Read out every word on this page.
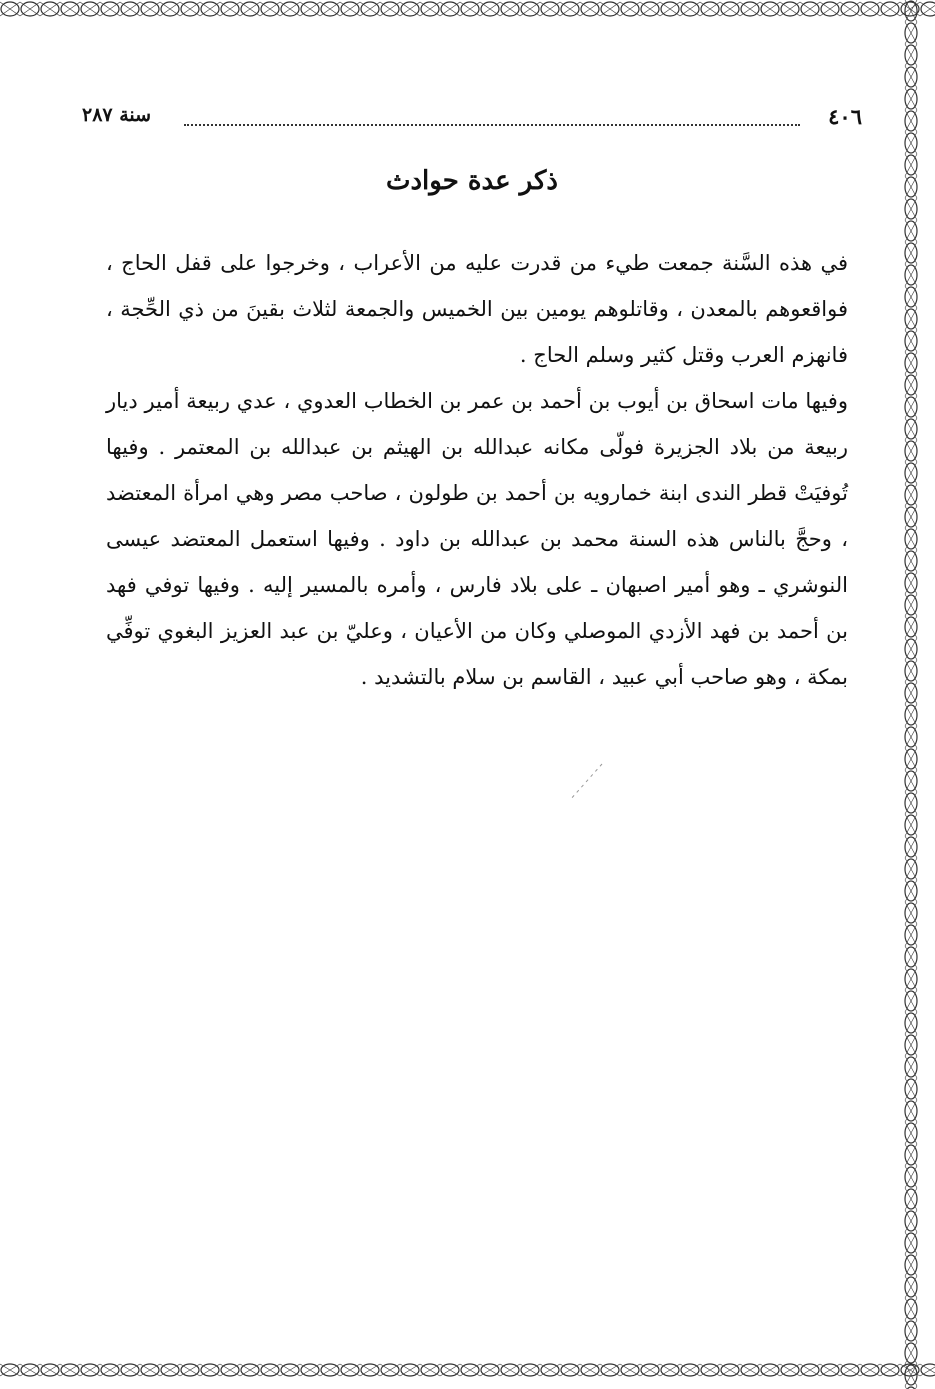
٤٠٦
سنة ٢٨٧
ذكر عدة حوادث

في هذه السَّنة جمعت طيء من قدرت عليه من الأعراب ، وخرجوا على قفل الحاج ، فواقعوهم بالمعدن ، وقاتلوهم يومين بين الخميس والجمعة لثلاث بقينَ من ذي الحِّجة ، فانهزم العرب وقتل كثير وسلم الحاج .

وفيها مات اسحاق بن أيوب بن أحمد بن عمر بن الخطاب العدوي ، عدي ربيعة أمير ديار ربيعة من بلاد الجزيرة فولّى مكانه عبدالله بن الهيثم بن عبدالله بن المعتمر . وفيها تُوفيَتْ قطر الندى ابنة خمارويه بن أحمد بن طولون ، صاحب مصر وهي امرأة المعتضد ، وحجَّ بالناس هذه السنة محمد بن عبدالله بن داود . وفيها استعمل المعتضد عيسى النوشري ـ وهو أمير اصبهان ـ على بلاد فارس ، وأمره بالمسير إليه . وفيها توفي فهد بن أحمد بن فهد الأزدي الموصلي وكان من الأعيان ، وعليّ بن عبد العزيز البغوي توفِّي بمكة ، وهو صاحب أبي عبيد ، القاسم بن سلام بالتشديد .
